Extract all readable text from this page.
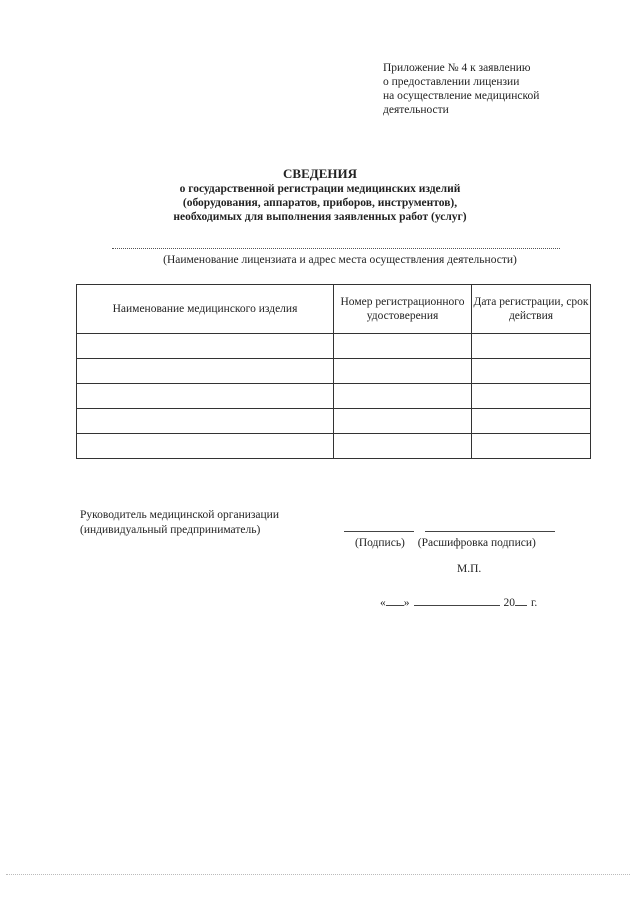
Приложение № 4 к заявлению
о предоставлении лицензии
на осуществление медицинской
деятельности
СВЕДЕНИЯ
о государственной регистрации медицинских изделий
(оборудования, аппаратов, приборов, инструментов),
необходимых для выполнения заявленных работ (услуг)
(Наименование лицензиата и адрес места осуществления деятельности)
Наименование медицинского изделия	Номер регистрационного удостоверения	Дата регистрации, срок действия

Руководитель медицинской организации
(индивидуальный предприниматель)
(Подпись) (Расшифровка подписи)
М.П.
« »	20 г.
